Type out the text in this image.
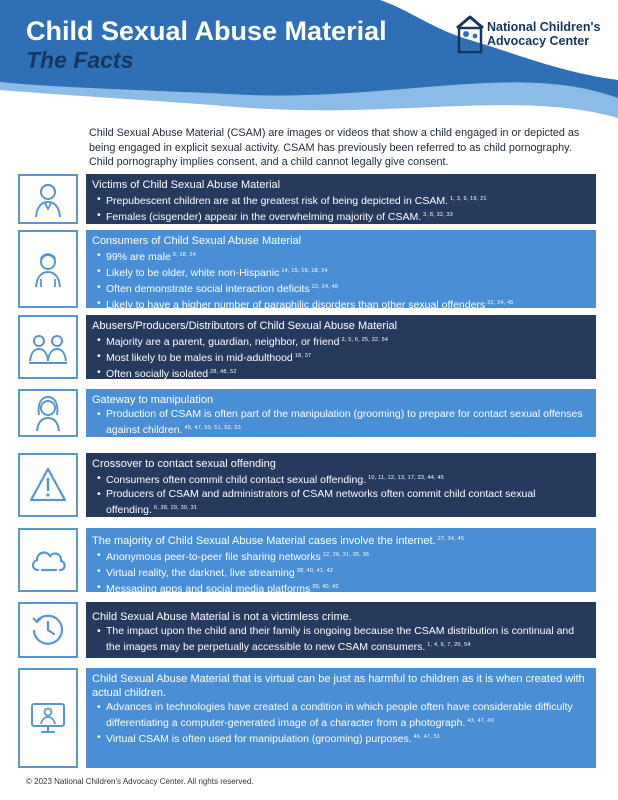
Child Sexual Abuse Material
The Facts
National Children's
Advocacy Center

Child Sexual Abuse Material (CSAM) are images or videos that show a child engaged in or depicted as being engaged in explicit sexual activity. CSAM has previously been referred to as child pornography. Child pornography implies consent, and a child cannot legally give consent.

Victims of Child Sexual Abuse Material
• Prepubescent children are at the greatest risk of being depicted in CSAM. $^{1, 3, 9, 19, 21}$
• Females (cisgender) appear in the overwhelming majority of CSAM. $^{3, 8, 32, 33}$
Consumers of Child Sexual Abuse Material
• 99% are male $^{9, 18, 24}$
• Likely to be older, white non-Hispanic $^{14, 15, 16, 18, 24}$
• Often demonstrate social interaction deficits $^{22, 24, 48}$
• Likely to have a higher number of paraphilic disorders than other sexual offenders $^{22, 24, 45}$
Abusers/Producers/Distributors of Child Sexual Abuse Material
• Majority are a parent, guardian, neighbor, or friend $^{2, 5, 6, 25, 32, 54}$
• Most likely to be males in mid-adulthood $^{18, 37}$
• Often socially isolated $^{28, 48, 52}$
Gateway to manipulation
• Production of CSAM is often part of the manipulation (grooming) to prepare for contact sexual offenses against children. $^{45, 47, 50, 51, 52, 53}$
Crossover to contact sexual offending
• Consumers often commit child contact sexual offending. $^{10, 11, 12, 13, 17, 23, 44, 45}$
• Producers of CSAM and administrators of CSAM networks often commit child contact sexual offending. $^{6, 28, 29, 30, 31}$
The majority of Child Sexual Abuse Material cases involve the internet. $^{27, 34, 45}$
• Anonymous peer-to-peer file sharing networks $^{12, 26, 31, 35, 36}$
• Virtual reality, the darknet, live streaming $^{38, 40, 41, 42}$
• Messaging apps and social media platforms $^{39, 40, 42}$
Child Sexual Abuse Material is not a victimless crime.
• The impact upon the child and their family is ongoing because the CSAM distribution is continual and the images may be perpetually accessible to new CSAM consumers. $^{1, 4, 6, 7, 20, 54}$
Child Sexual Abuse Material that is virtual can be just as harmful to children as it is when created with actual children.
• Advances in technologies have created a condition in which people often have considerable difficulty differentiating a computer-generated image of a character from a photograph. $^{43, 47, 49}$
• Virtual CSAM is often used for manipulation (grooming) purposes. $^{46, 47, 51}$
© 2023 National Children's Advocacy Center. All rights reserved.
